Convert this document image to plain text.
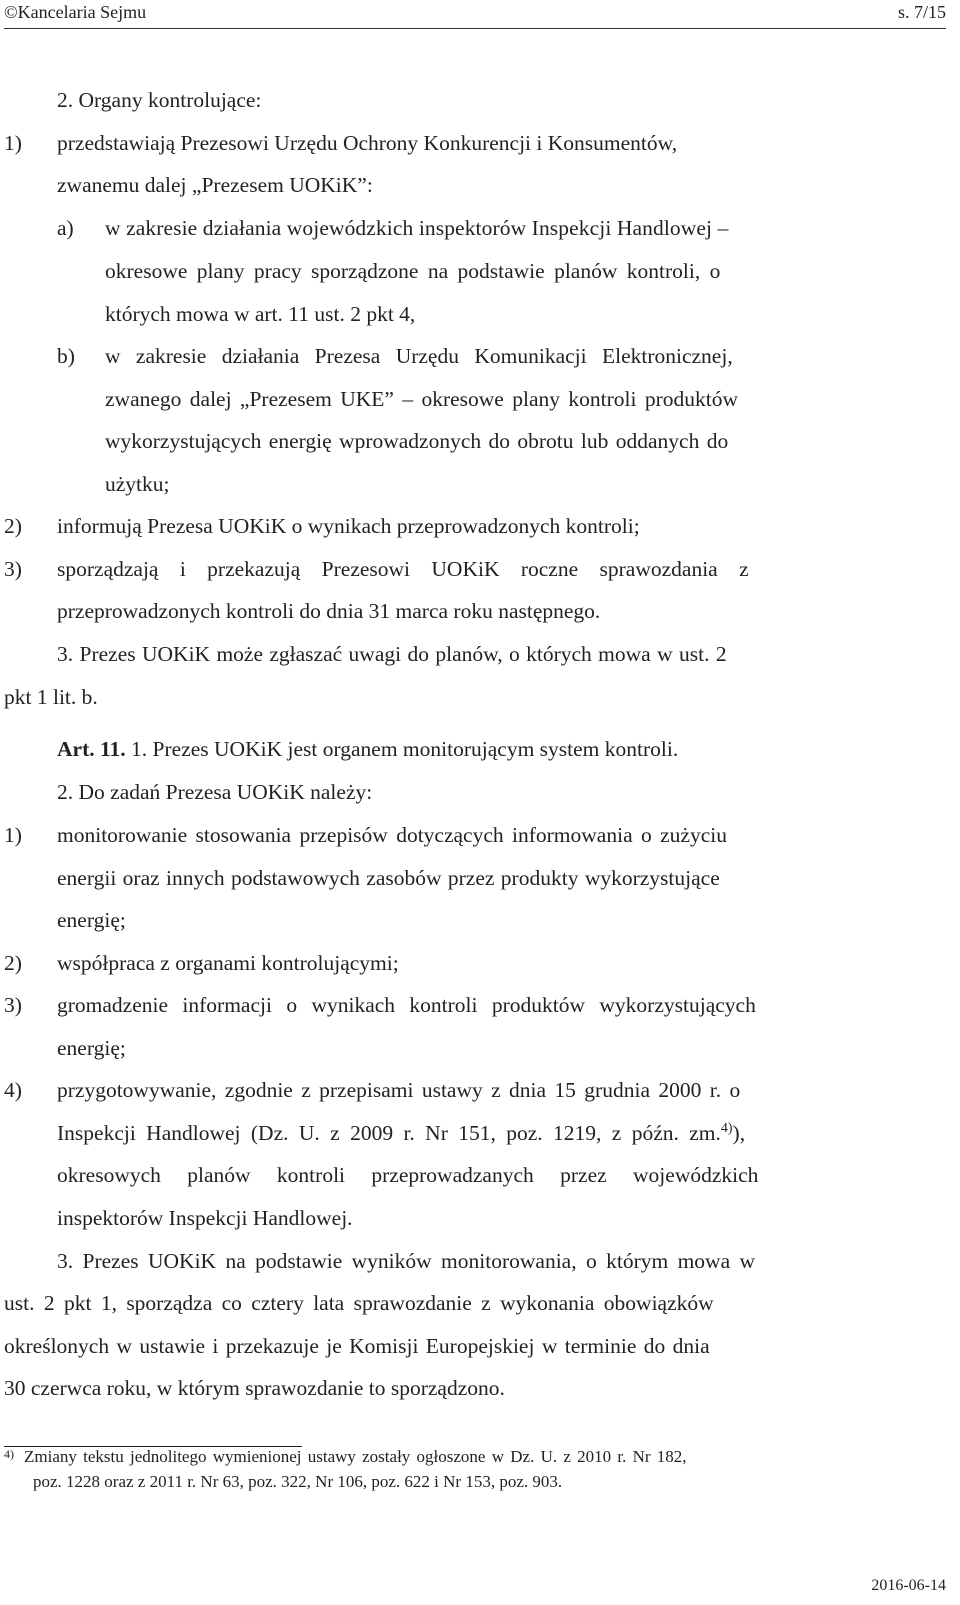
©Kancelaria Sejmu	s. 7/15
2. Organy kontrolujące:
1) przedstawiają Prezesowi Urzędu Ochrony Konkurencji i Konsumentów,
zwanemu dalej „Prezesem UOKiK”:
a) w zakresie działania wojewódzkich inspektorów Inspekcji Handlowej –
okresowe plany pracy sporządzone na podstawie planów kontroli, o
których mowa w art. 11 ust. 2 pkt 4,
b) w zakresie działania Prezesa Urzędu Komunikacji Elektronicznej,
zwanego dalej „Prezesem UKE” – okresowe plany kontroli produktów
wykorzystujących energię wprowadzonych do obrotu lub oddanych do
użytku;
2) informują Prezesa UOKiK o wynikach przeprowadzonych kontroli;
3) sporządzają i przekazują Prezesowi UOKiK roczne sprawozdania z
przeprowadzonych kontroli do dnia 31 marca roku następnego.
3. Prezes UOKiK może zgłaszać uwagi do planów, o których mowa w ust. 2
pkt 1 lit. b.
Art. 11. 1. Prezes UOKiK jest organem monitorującym system kontroli.
2. Do zadań Prezesa UOKiK należy:
1) monitorowanie stosowania przepisów dotyczących informowania o zużyciu
energii oraz innych podstawowych zasobów przez produkty wykorzystujące
energię;
2) współpraca z organami kontrolującymi;
3) gromadzenie informacji o wynikach kontroli produktów wykorzystujących
energię;
4) przygotowywanie, zgodnie z przepisami ustawy z dnia 15 grudnia 2000 r. o
Inspekcji Handlowej (Dz. U. z 2009 r. Nr 151, poz. 1219, z późn. zm.$^{4)}$),
okresowych planów kontroli przeprowadzanych przez wojewódzkich
inspektorów Inspekcji Handlowej.
3. Prezes UOKiK na podstawie wyników monitorowania, o którym mowa w
ust. 2 pkt 1, sporządza co cztery lata sprawozdanie z wykonania obowiązków
określonych w ustawie i przekazuje je Komisji Europejskiej w terminie do dnia
30 czerwca roku, w którym sprawozdanie to sporządzono.
$^{4)}$ Zmiany tekstu jednolitego wymienionej ustawy zostały ogłoszone w Dz. U. z 2010 r. Nr 182,
poz. 1228 oraz z 2011 r. Nr 63, poz. 322, Nr 106, poz. 622 i Nr 153, poz. 903.
2016-06-14
